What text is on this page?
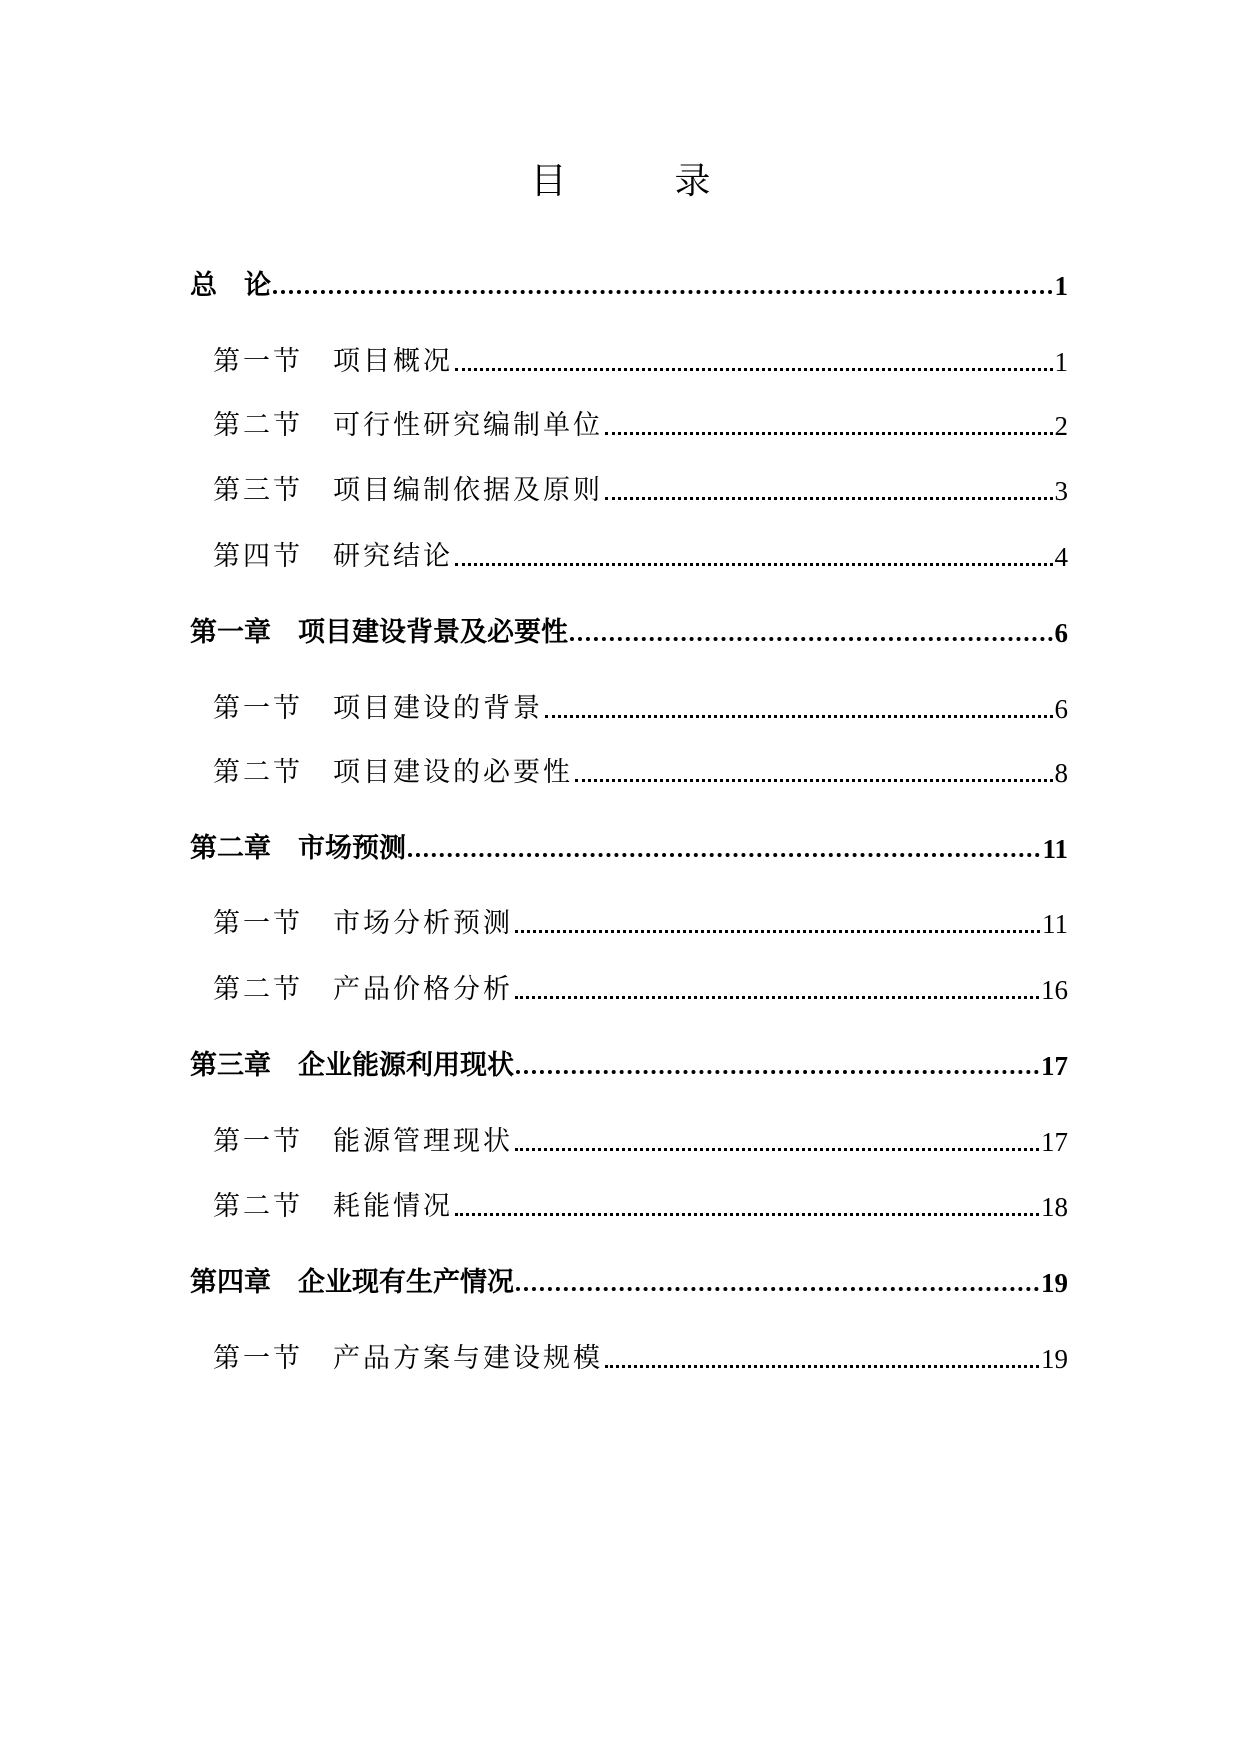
目　录
总　论	1
第一节　项目概况	1
第二节　可行性研究编制单位	2
第三节　项目编制依据及原则	3
第四节　研究结论	4
第一章　项目建设背景及必要性	6
第一节　项目建设的背景	6
第二节　项目建设的必要性	8
第二章　市场预测	11
第一节　市场分析预测	11
第二节　产品价格分析	16
第三章　企业能源利用现状	17
第一节　能源管理现状	17
第二节　耗能情况	18
第四章　企业现有生产情况	19
第一节　产品方案与建设规模	19
